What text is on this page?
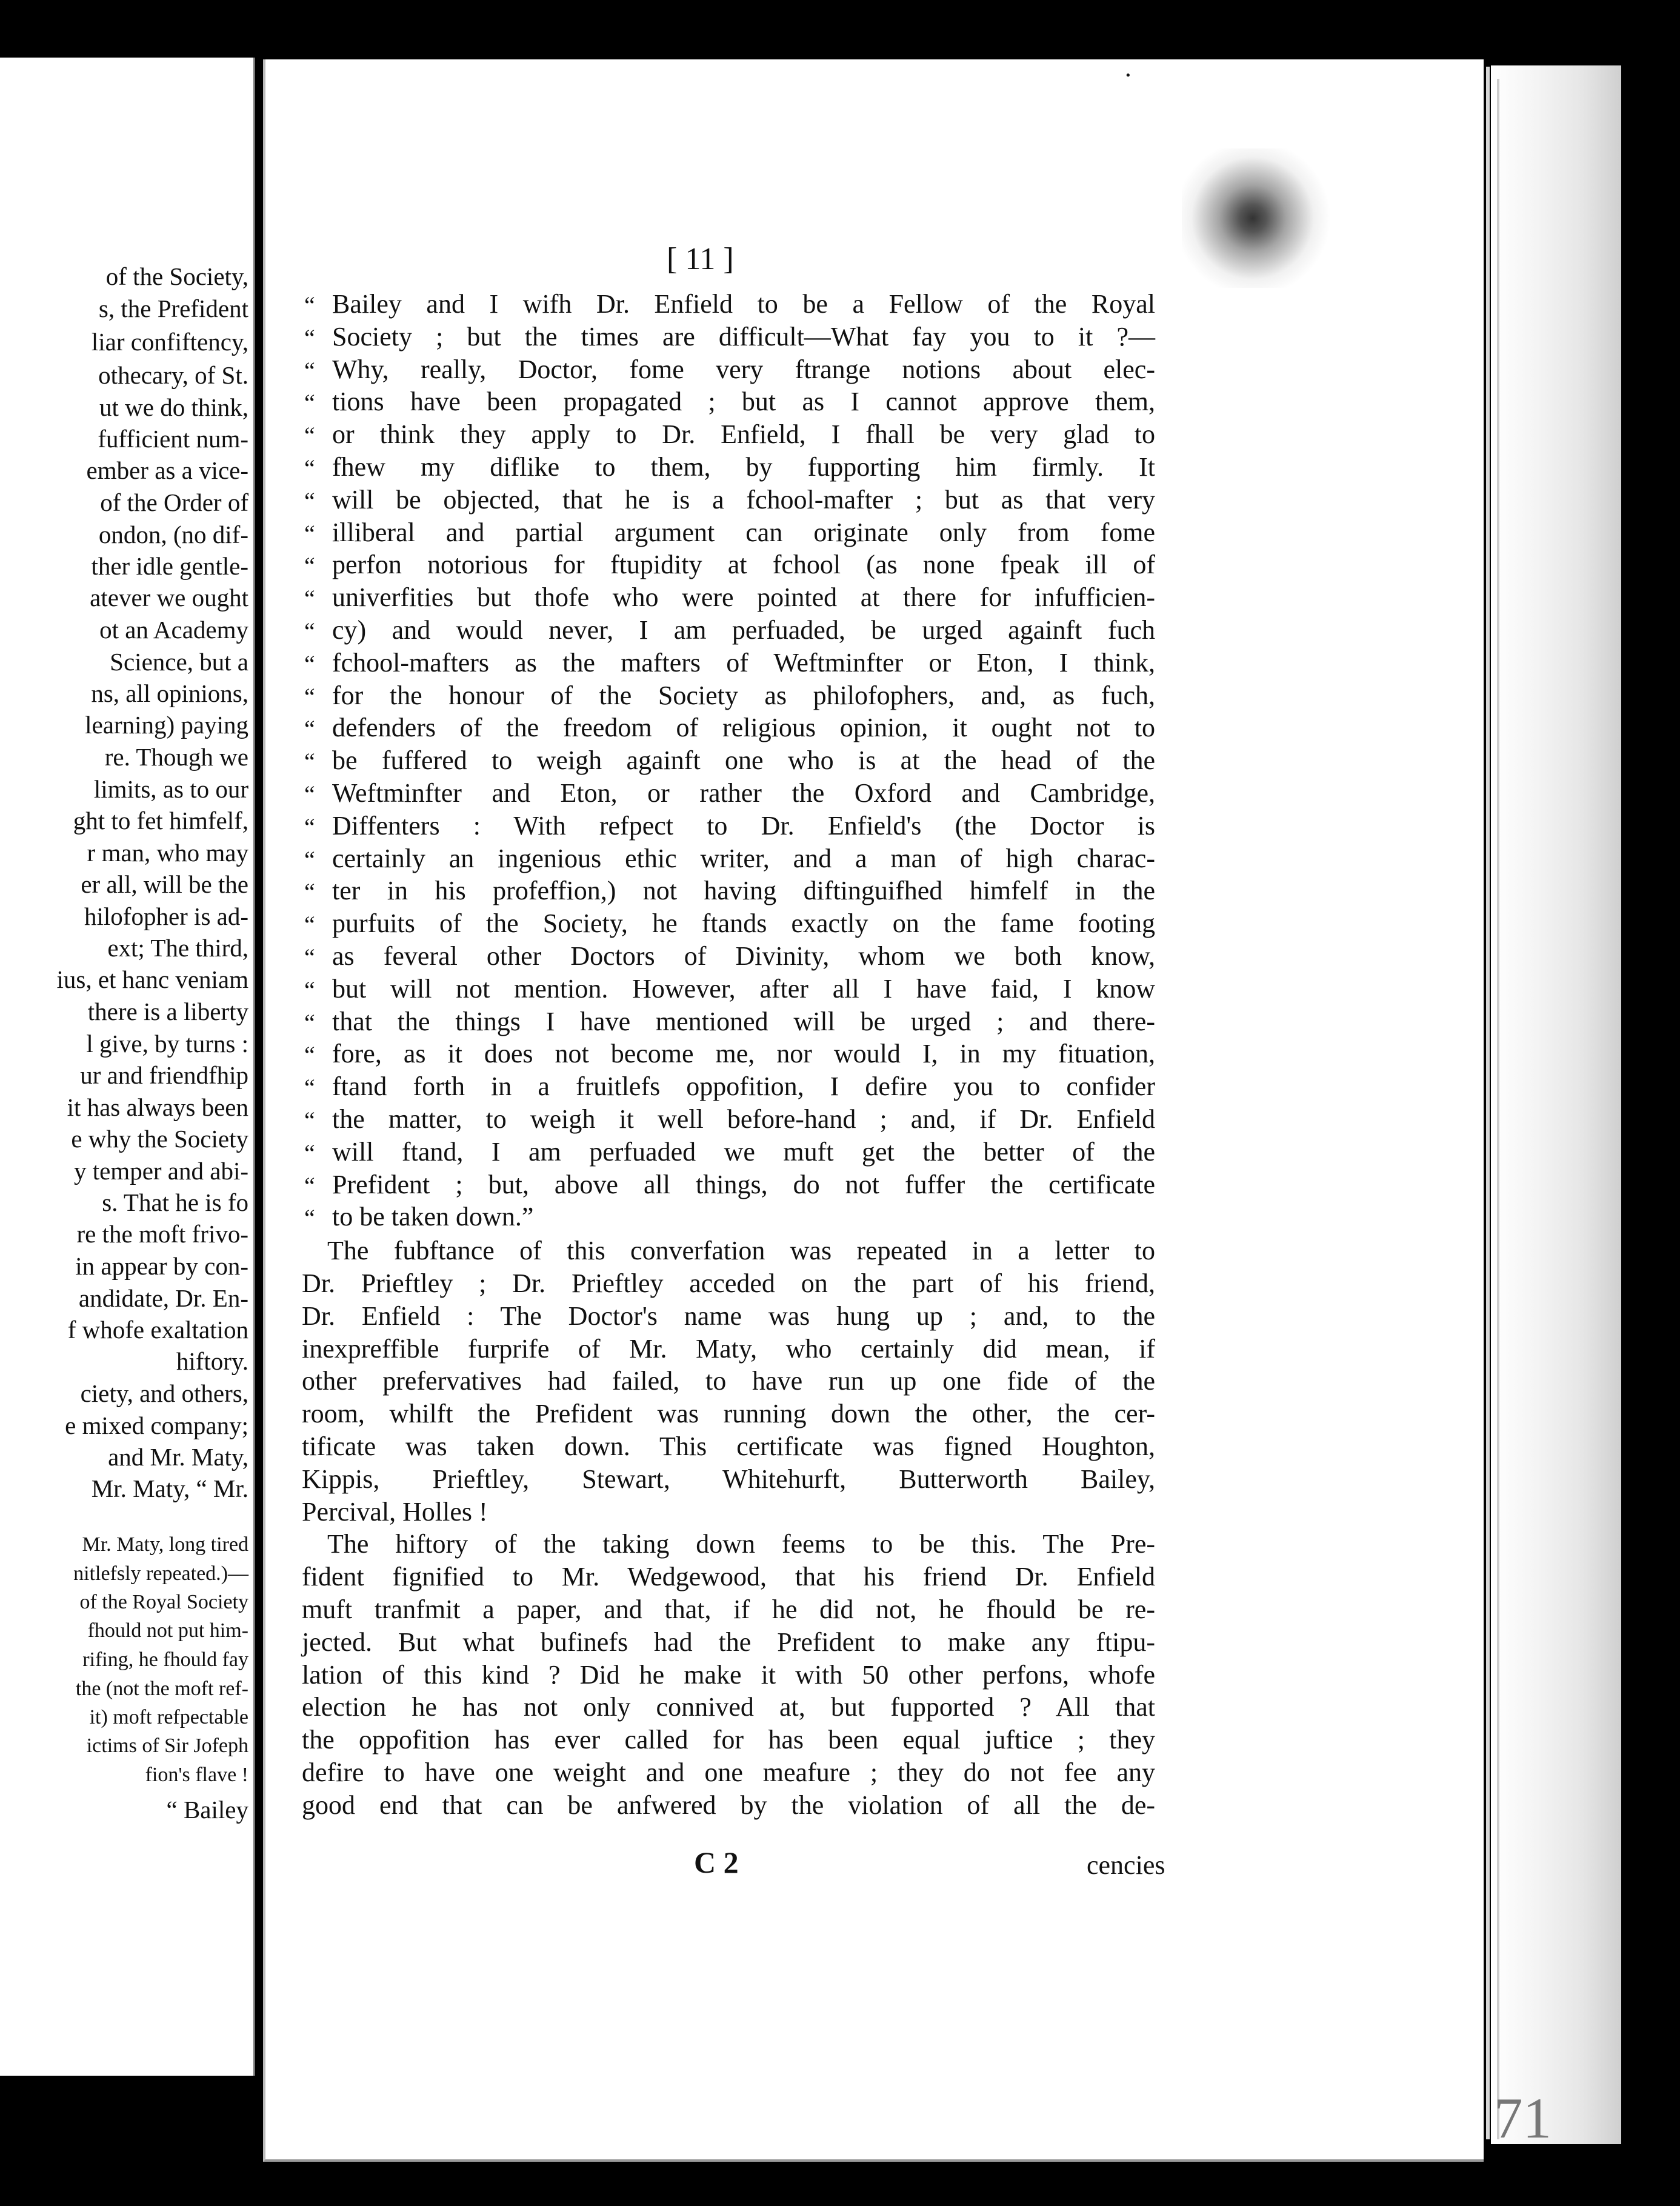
of the Society,
s, the Prefident
liar confiftency,
othecary, of St.
ut we do think,
fufficient num-
ember as a vice-
of the Order of
ondon, (no dif-
ther idle gentle-
atever we ought
ot an Academy
Science, but a
ns, all opinions,
learning) paying
re. Though we
limits, as to our
ght to fet himfelf,
r man, who may
er all, will be the
hilofopher is ad-
ext; The third,
ius, et hanc veniam
there is a liberty
l give, by turns :
ur and friendfhip
it has always been
e why the Society
y temper and abi-
s. That he is fo
re the moft frivo-
in appear by con-
andidate, Dr. En-
f whofe exaltation
hiftory.
ciety, and others,
e mixed company;
and Mr. Maty,
Mr. Maty, “ Mr.
Mr. Maty, long tired
nitlefsly repeated.)—
of the Royal Society
fhould not put him-
rifing, he fhould fay
the (not the moft ref-
it) moft refpectable
ictims of Sir Jofeph
fion's flave !
“ Bailey
71
·
[ 11 ]
“ Bailey and I wifh Dr. Enfield to be a Fellow of the Royal
“ Society ; but the times are difficult—What fay you to it ?—
“ Why, really, Doctor, fome very ftrange notions about elec-
“ tions have been propagated ; but as I cannot approve them,
“ or think they apply to Dr. Enfield, I fhall be very glad to
“ fhew my diflike to them, by fupporting him firmly. It
“ will be objected, that he is a fchool-mafter ; but as that very
“ illiberal and partial argument can originate only from fome
“ perfon notorious for ftupidity at fchool (as none fpeak ill of
“ univerfities but thofe who were pointed at there for infufficien-
“ cy) and would never, I am perfuaded, be urged againft fuch
“ fchool-mafters as the mafters of Weftminfter or Eton, I think,
“ for the honour of the Society as philofophers, and, as fuch,
“ defenders of the freedom of religious opinion, it ought not to
“ be fuffered to weigh againft one who is at the head of the
“ Weftminfter and Eton, or rather the Oxford and Cambridge,
“ Diffenters : With refpect to Dr. Enfield's (the Doctor is
“ certainly an ingenious ethic writer, and a man of high charac-
“ ter in his profeffion,) not having diftinguifhed himfelf in the
“ purfuits of the Society, he ftands exactly on the fame footing
“ as feveral other Doctors of Divinity, whom we both know,
“ but will not mention. However, after all I have faid, I know
“ that the things I have mentioned will be urged ; and there-
“ fore, as it does not become me, nor would I, in my fituation,
“ ftand forth in a fruitlefs oppofition, I defire you to confider
“ the matter, to weigh it well before-hand ; and, if Dr. Enfield
“ will ftand, I am perfuaded we muft get the better of the
“ Prefident ; but, above all things, do not fuffer the certificate
“ to be taken down.”
The fubftance of this converfation was repeated in a letter to
Dr. Prieftley ; Dr. Prieftley acceded on the part of his friend,
Dr. Enfield : The Doctor's name was hung up ; and, to the
inexpreffible furprife of Mr. Maty, who certainly did mean, if
other prefervatives had failed, to have run up one fide of the
room, whilft the Prefident was running down the other, the cer-
tificate was taken down. This certificate was figned Houghton,
Kippis, Prieftley, Stewart, Whitehurft, Butterworth Bailey,
Percival, Holles !
The hiftory of the taking down feems to be this. The Pre-
fident fignified to Mr. Wedgewood, that his friend Dr. Enfield
muft tranfmit a paper, and that, if he did not, he fhould be re-
jected. But what bufinefs had the Prefident to make any ftipu-
lation of this kind ? Did he make it with 50 other perfons, whofe
election he has not only connived at, but fupported ? All that
the oppofition has ever called for has been equal juftice ; they
defire to have one weight and one meafure ; they do not fee any
good end that can be anfwered by the violation of all the de-
C 2	cencies
